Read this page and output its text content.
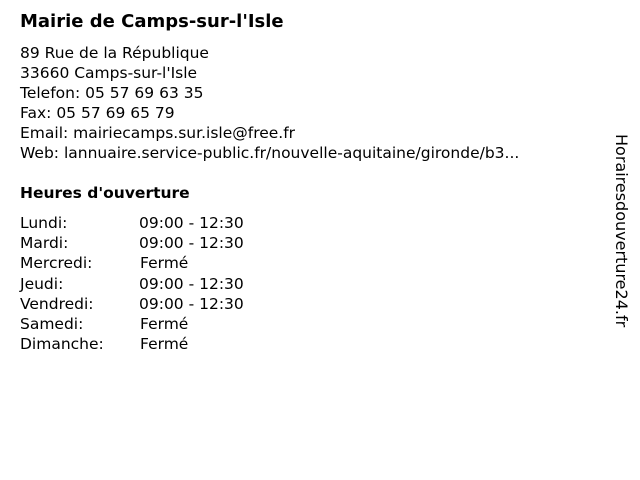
Mairie de Camps-sur-l'Isle
89 Rue de la République
33660 Camps-sur-l'Isle
Telefon: 05 57 69 63 35
Fax: 05 57 69 65 79
Email: mairiecamps.sur.isle@free.fr
Web: lannuaire.service-public.fr/nouvelle-aquitaine/gironde/b3...
Heures d'ouverture
Lundi:	09:00 - 12:30
Mardi:	09:00 - 12:30
Mercredi:	Fermé
Jeudi:	09:00 - 12:30
Vendredi:	09:00 - 12:30
Samedi:	Fermé
Dimanche: Fermé
Horairesdouverture24.fr
